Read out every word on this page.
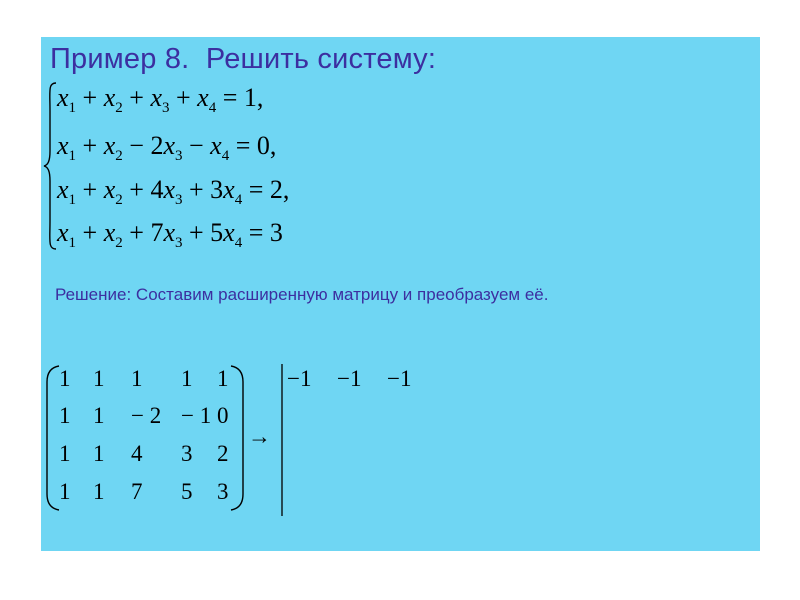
Пример 8.  Решить систему:
$x_1 + x_2 + x_3 + x_4 = 1$,
$x_1 + x_2 - 2x_3 - x_4 = 0$,
$x_1 + x_2 + 4x_3 + 3x_4 = 2$,
$x_1 + x_2 + 7x_3 + 5x_4 = 3$
Решение: Составим расширенную матрицу и преобразуем её.
1 1 1 1 1
1 1 − 2 − 1 0
1 1 4 3 2
1 1 7 5 3
→
−1 −1 −1
